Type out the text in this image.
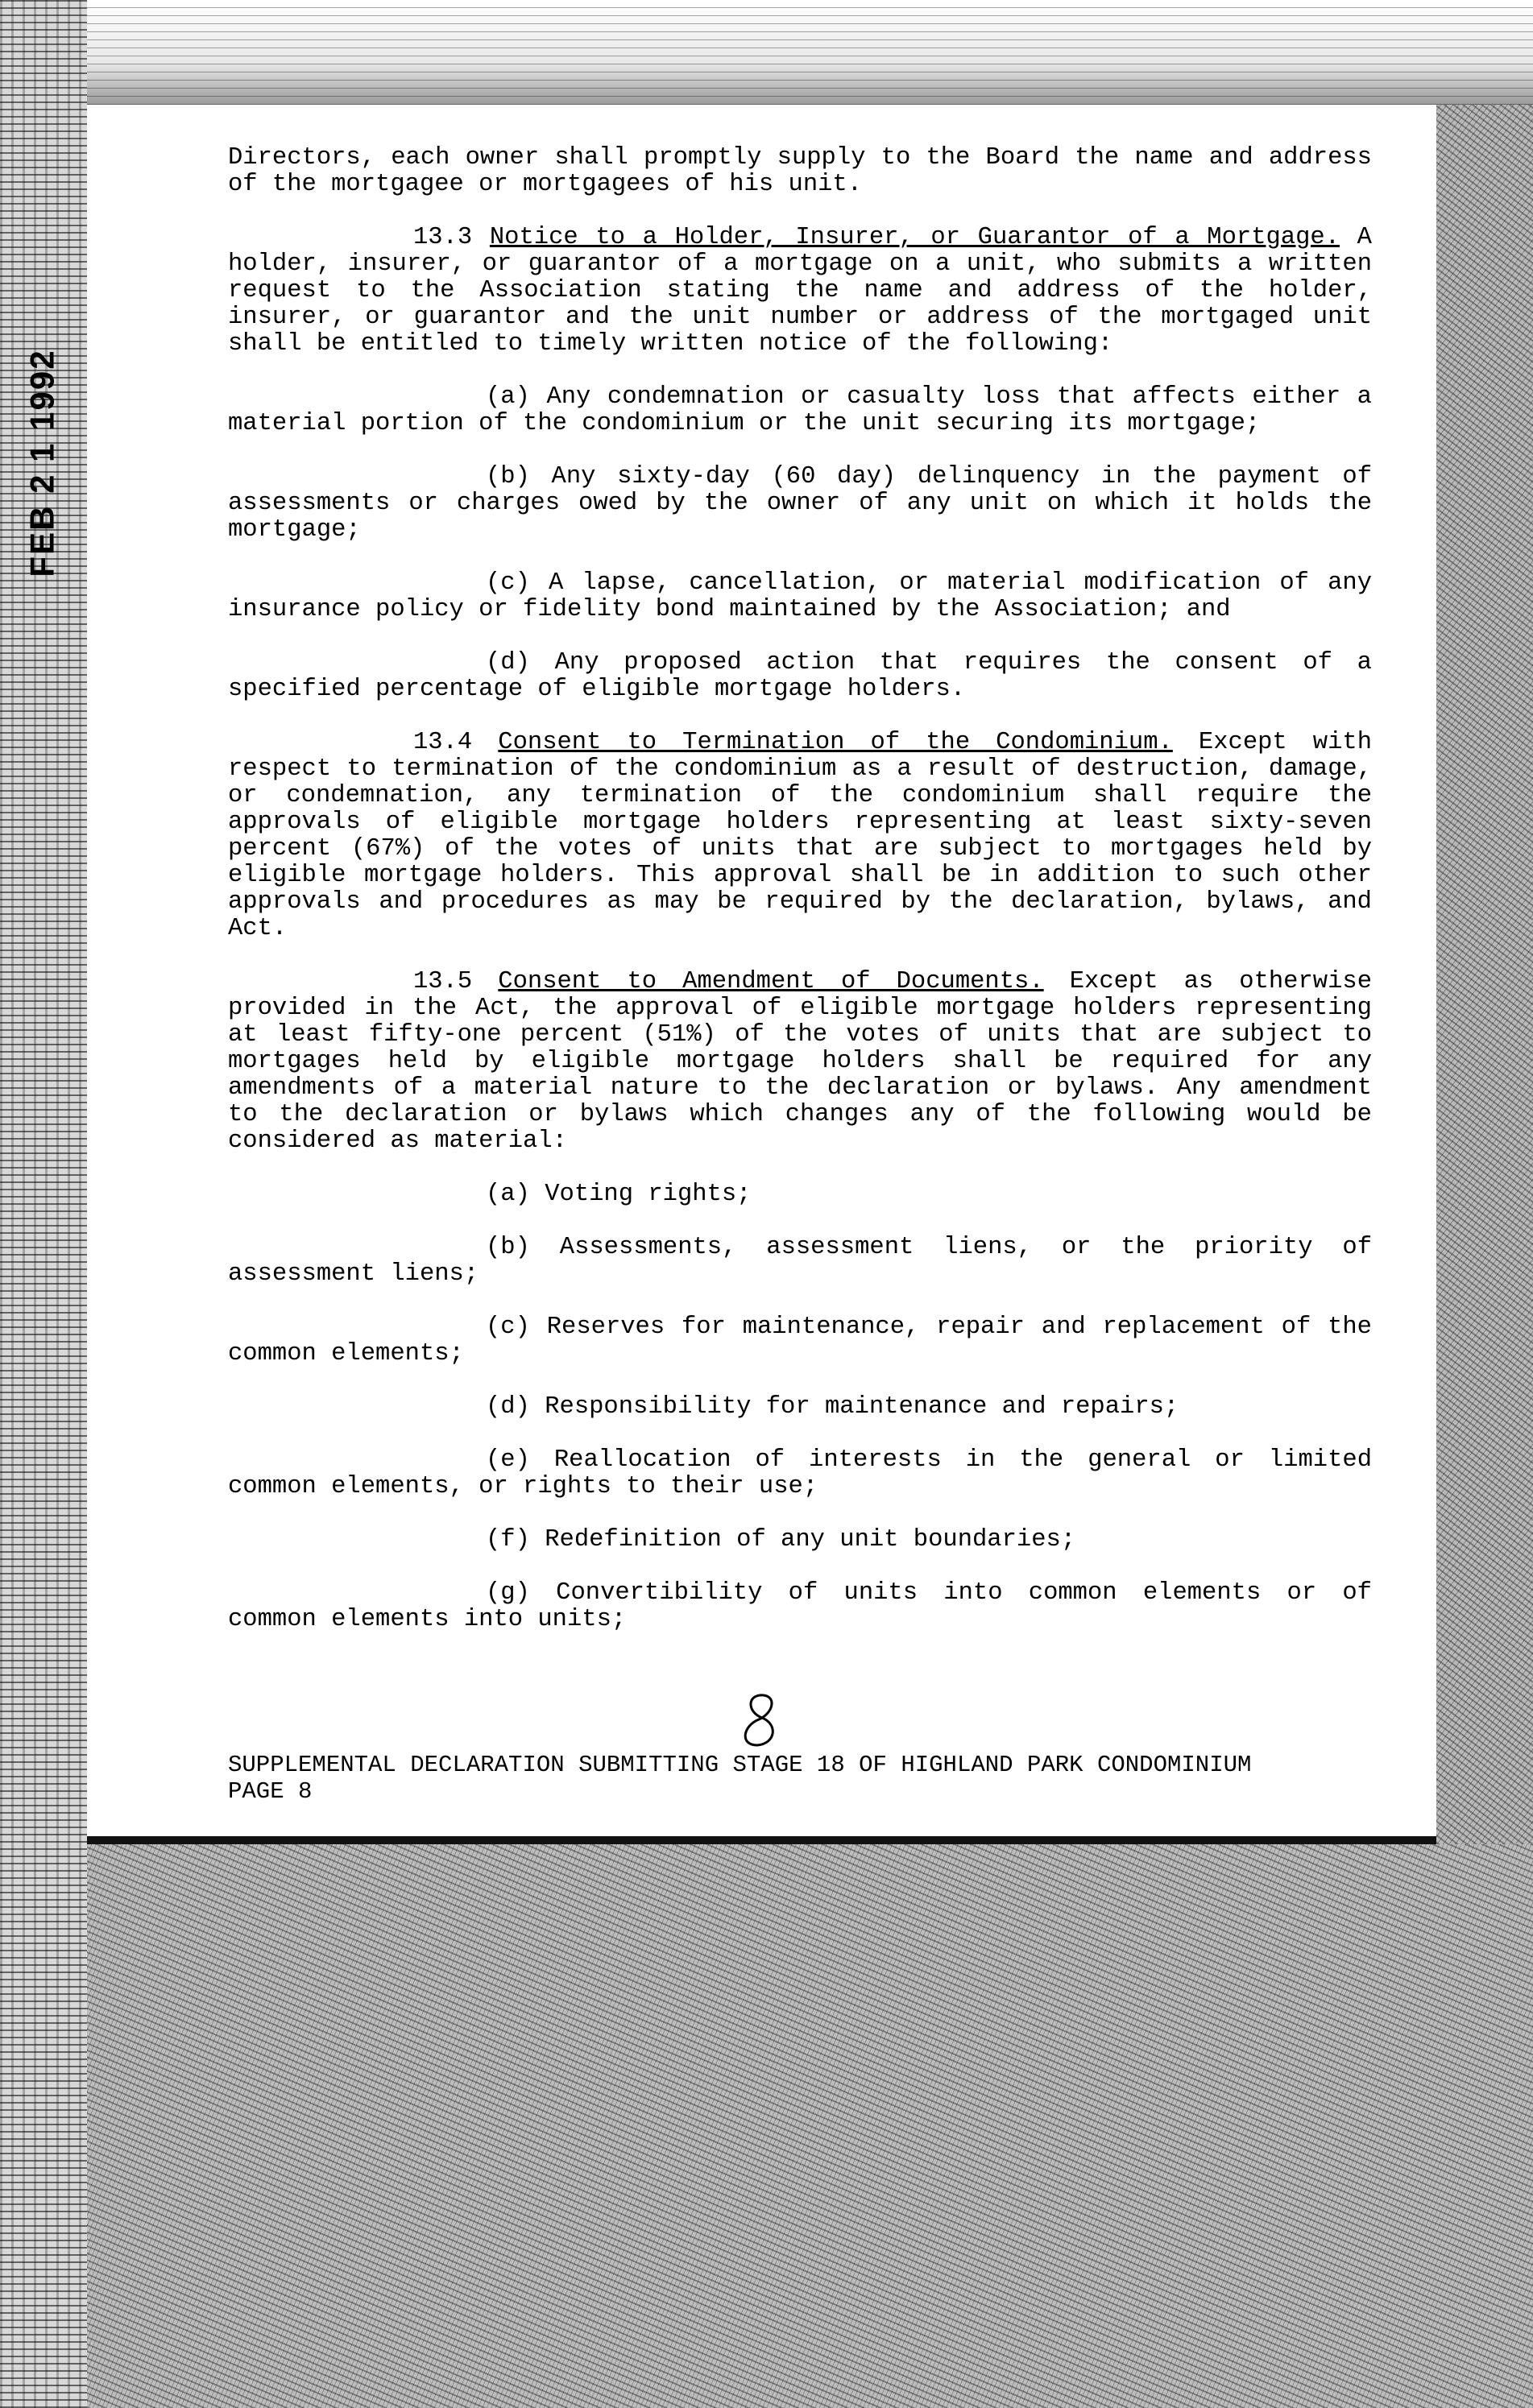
FEB 2 1 1992

Directors, each owner shall promptly supply to the Board the name and address of the mortgagee or mortgagees of his unit.

13.3 Notice to a Holder, Insurer, or Guarantor of a Mortgage. A holder, insurer, or guarantor of a mortgage on a unit, who submits a written request to the Association stating the name and address of the holder, insurer, or guarantor and the unit number or address of the mortgaged unit shall be entitled to timely written notice of the following:

(a) Any condemnation or casualty loss that affects either a material portion of the condominium or the unit securing its mortgage;

(b) Any sixty-day (60 day) delinquency in the payment of assessments or charges owed by the owner of any unit on which it holds the mortgage;

(c) A lapse, cancellation, or material modification of any insurance policy or fidelity bond maintained by the Association; and

(d) Any proposed action that requires the consent of a specified percentage of eligible mortgage holders.

13.4 Consent to Termination of the Condominium. Except with respect to termination of the condominium as a result of destruction, damage, or condemnation, any termination of the condominium shall require the approvals of eligible mortgage holders representing at least sixty-seven percent (67%) of the votes of units that are subject to mortgages held by eligible mortgage holders. This approval shall be in addition to such other approvals and procedures as may be required by the declaration, bylaws, and Act.

13.5 Consent to Amendment of Documents. Except as otherwise provided in the Act, the approval of eligible mortgage holders representing at least fifty-one percent (51%) of the votes of units that are subject to mortgages held by eligible mortgage holders shall be required for any amendments of a material nature to the declaration or bylaws. Any amendment to the declaration or bylaws which changes any of the following would be considered as material:

(a) Voting rights;

(b) Assessments, assessment liens, or the priority of assessment liens;

(c) Reserves for maintenance, repair and replacement of the common elements;

(d) Responsibility for maintenance and repairs;

(e) Reallocation of interests in the general or limited common elements, or rights to their use;

(f) Redefinition of any unit boundaries;

(g) Convertibility of units into common elements or of common elements into units;

SUPPLEMENTAL DECLARATION SUBMITTING STAGE 18 OF HIGHLAND PARK CONDOMINIUM
PAGE 8
